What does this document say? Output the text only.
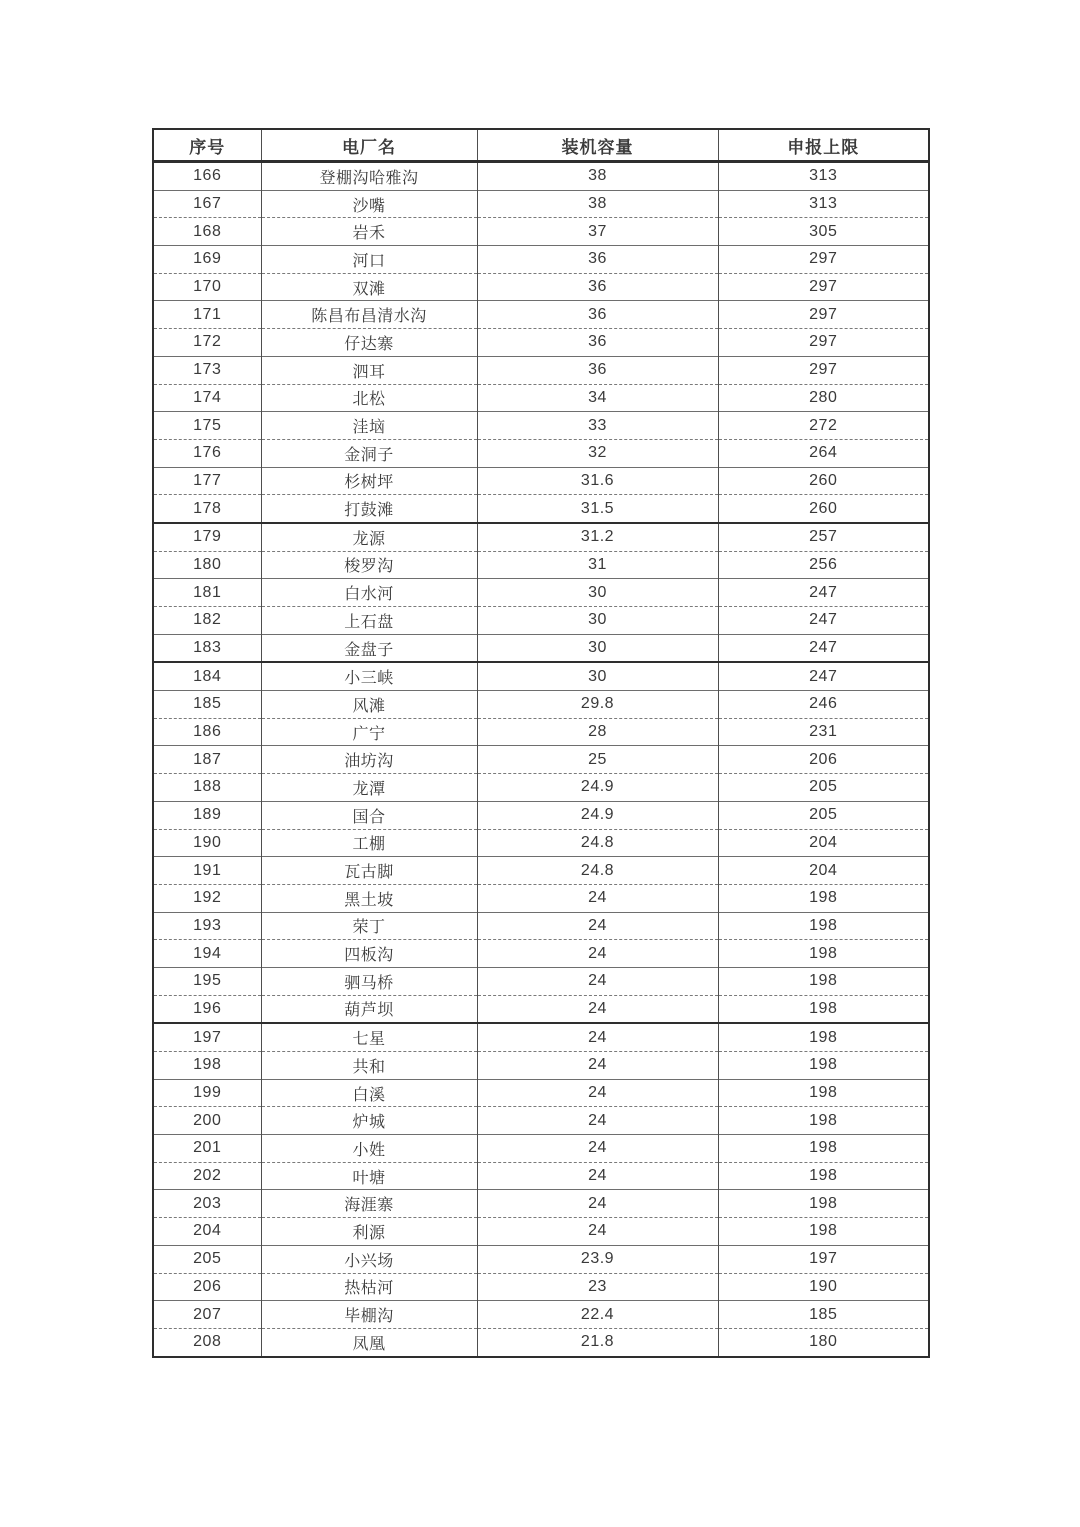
序号	电厂名	装机容量	申报上限
166	登棚沟哈雅沟	38	313
167	沙嘴	38	313
168	岩禾	37	305
169	河口	36	297
170	双滩	36	297
171	陈昌布昌清水沟	36	297
172	仔达寨	36	297
173	泗耳	36	297
174	北松	34	280
175	洼垴	33	272
176	金洞子	32	264
177	杉树坪	31.6	260
178	打鼓滩	31.5	260
179	龙源	31.2	257
180	梭罗沟	31	256
181	白水河	30	247
182	上石盘	30	247
183	金盘子	30	247
184	小三峡	30	247
185	风滩	29.8	246
186	广宁	28	231
187	油坊沟	25	206
188	龙潭	24.9	205
189	国合	24.9	205
190	工棚	24.8	204
191	瓦古脚	24.8	204
192	黑土坡	24	198
193	荣丁	24	198
194	四板沟	24	198
195	驷马桥	24	198
196	葫芦坝	24	198
197	七星	24	198
198	共和	24	198
199	白溪	24	198
200	炉城	24	198
201	小姓	24	198
202	叶塘	24	198
203	海涯寨	24	198
204	利源	24	198
205	小兴场	23.9	197
206	热枯河	23	190
207	毕棚沟	22.4	185
208	凤凰	21.8	180
